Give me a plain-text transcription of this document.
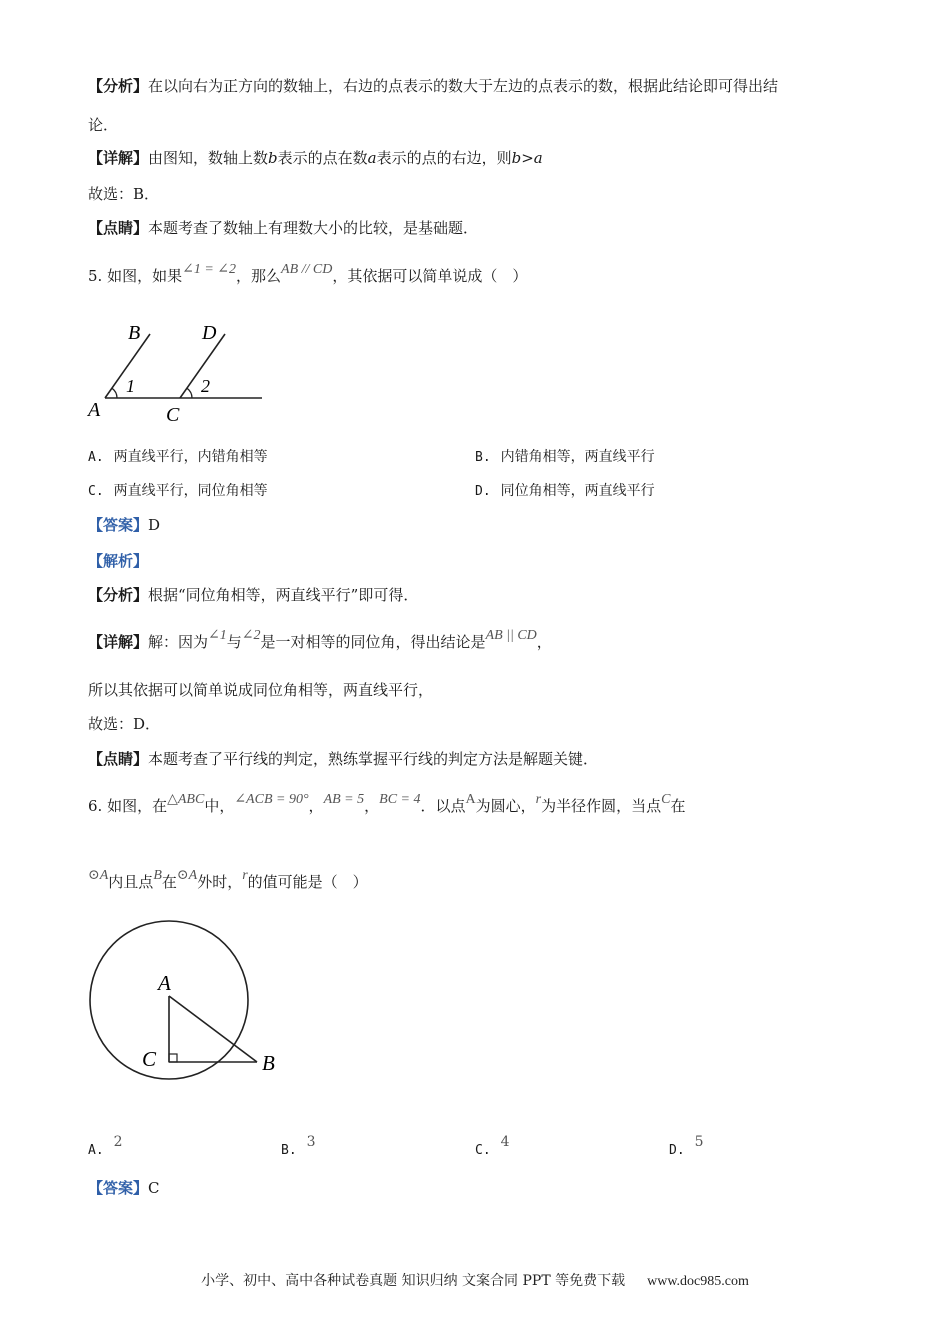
【分析】在以向右为正方向的数轴上，右边的点表示的数大于左边的点表示的数，根据此结论即可得出结
论．
【详解】由图知，数轴上数b表示的点在数a表示的点的右边，则b>a
故选：B．
【点睛】本题考查了数轴上有理数大小的比较，是基础题．
5. 如图，如果∠1 = ∠2，那么AB // CD，其依据可以简单说成（　）
B	D
A	C
1	2
A. 两直线平行，内错角相等	B. 内错角相等，两直线平行
C. 两直线平行，同位角相等	D. 同位角相等，两直线平行
【答案】D
【解析】
【分析】根据“同位角相等，两直线平行”即可得．
【详解】解：因为∠1与∠2是一对相等的同位角，得出结论是AB || CD，
所以其依据可以简单说成同位角相等，两直线平行，
故选：D．
【点睛】本题考查了平行线的判定，熟练掌握平行线的判定方法是解题关键．
6. 如图，在△ABC中，∠ACB = 90°，AB = 5，BC = 4．以点A为圆心，r为半径作圆，当点C在
⊙A内且点B在⊙A外时，r的值可能是（　）
A
C	B
A.2
B.3
C.4
D.5
【答案】C
小学、初中、高中各种试卷真题 知识归纳 文案合同 PPT 等免费下载 www.doc985.com
